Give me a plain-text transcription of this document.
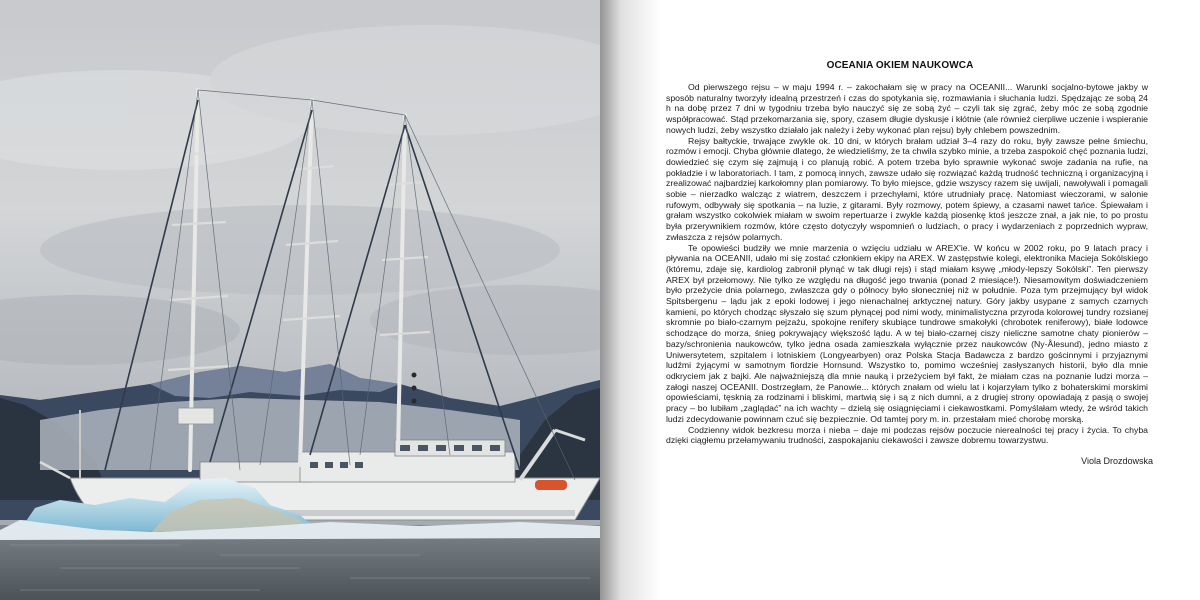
OCEANIA OKIEM NAUKOWCA

Od pierwszego rejsu – w maju 1994 r. – zakochałam się w pracy na OCEANII... Warunki socjalno-bytowe jakby w sposób naturalny tworzyły idealną przestrzeń i czas do spotykania się, rozmawiania i słuchania ludzi. Spędzając ze sobą 24 h na dobę przez 7 dni w tygodniu trzeba było nauczyć się ze sobą żyć – czyli tak się zgrać, żeby móc ze sobą zgodnie współpracować. Stąd przekomarzania się, spory, czasem długie dyskusje i kłótnie (ale również cierpliwe uczenie i wspieranie nowych ludzi, żeby wszystko działało jak należy i żeby wykonać plan rejsu) były chlebem powszednim.

Rejsy bałtyckie, trwające zwykle ok. 10 dni, w których brałam udział 3–4 razy do roku, były zawsze pełne śmiechu, rozmów i emocji. Chyba głównie dlatego, że wiedzieliśmy, że ta chwila szybko minie, a trzeba zaspokoić chęć poznania ludzi, dowiedzieć się czym się zajmują i co planują robić. A potem trzeba było sprawnie wykonać swoje zadania na rufie, na pokładzie i w laboratoriach. I tam, z pomocą innych, zawsze udało się rozwiązać każdą trudność techniczną i organizacyjną i zrealizować najbardziej karkołomny plan pomiarowy. To było miejsce, gdzie wszyscy razem się uwijali, nawoływali i pomagali sobie – nierzadko walcząc z wiatrem, deszczem i przechyłami, które utrudniały pracę. Natomiast wieczorami, w salonie rufowym, odbywały się spotkania – na luzie, z gitarami. Były rozmowy, potem śpiewy, a czasami nawet tańce. Śpiewałam i grałam wszystko cokolwiek miałam w swoim repertuarze i zwykle każdą piosenkę ktoś jeszcze znał, a jak nie, to po prostu była przerywnikiem rozmów, które często dotyczyły wspomnień o ludziach, o pracy i wydarzeniach z poprzednich wypraw, zwłaszcza z rejsów polarnych.

Te opowieści budziły we mnie marzenia o wzięciu udziału w AREX'ie. W końcu w 2002 roku, po 9 latach pracy i pływania na OCEANII, udało mi się zostać członkiem ekipy na AREX. W zastępstwie kolegi, elektronika Macieja Sokólskiego (któremu, zdaje się, kardiolog zabronił płynąć w tak długi rejs) i stąd miałam ksywę „młody-lepszy Sokólski”. Ten pierwszy AREX był przełomowy. Nie tylko ze względu na długość jego trwania (ponad 2 miesiące!). Niesamowitym doświadczeniem było przeżycie dnia polarnego, zwłaszcza gdy o północy było słoneczniej niż w południe. Poza tym przejmujący był widok Spitsbergenu – lądu jak z epoki lodowej i jego nienachalnej arktycznej natury. Góry jakby usypane z samych czarnych kamieni, po których chodząc słyszało się szum płynącej pod nimi wody, minimalistyczna przyroda kolorowej tundry rozsianej skromnie po biało-czarnym pejzażu, spokojne renifery skubiące tundrowe smakołyki (chrobotek reniferowy), białe lodowce schodzące do morza, śnieg pokrywający większość lądu. A w tej biało-czarnej ciszy nieliczne samotne chaty pionierów – bazy/schronienia naukowców, tylko jedna osada zamieszkała wyłącznie przez naukowców (Ny-Ålesund), jedno miasto z Uniwersytetem, szpitalem i lotniskiem (Longyearbyen) oraz Polska Stacja Badawcza z bardzo gościnnymi i przyjaznymi ludźmi żyjącymi w samotnym fiordzie Hornsund. Wszystko to, pomimo wcześniej zasłyszanych historii, było dla mnie odkryciem jak z bajki. Ale najważniejszą dla mnie nauką i przeżyciem był fakt, że miałam czas na poznanie ludzi morza – załogi naszej OCEANII. Dostrzegłam, że Panowie... których znałam od wielu lat i kojarzyłam tylko z bohaterskimi morskimi opowieściami, tęsknią za rodzinami i bliskimi, martwią się i są z nich dumni, a z drugiej strony opowiadają z pasją o swojej pracy – bo lubiłam „zaglądać” na ich wachty – dzielą się osiągnięciami i ciekawostkami. Pomyślałam wtedy, że wśród takich ludzi zdecydowanie powinnam czuć się bezpiecznie. Od tamtej pory m. in. przestałam mieć chorobę morską.

Codzienny widok bezkresu morza i nieba – daje mi podczas rejsów poczucie nierealności tej pracy i życia. To chyba dzięki ciągłemu przełamywaniu trudności, zaspokajaniu ciekawości i zawsze dobremu towarzystwu.

Viola Drozdowska
